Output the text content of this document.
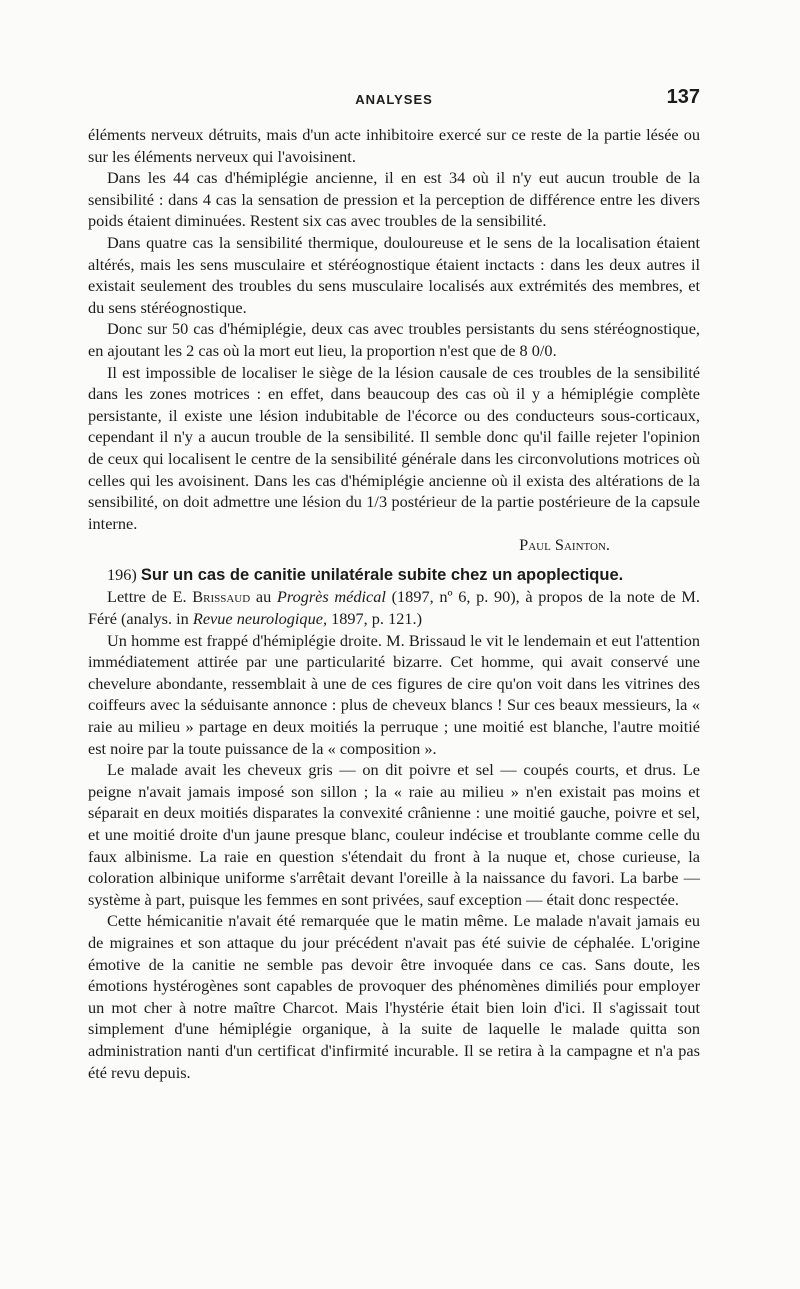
ANALYSES	137

éléments nerveux détruits, mais d'un acte inhibitoire exercé sur ce reste de la partie lésée ou sur les éléments nerveux qui l'avoisinent.

Dans les 44 cas d'hémiplégie ancienne, il en est 34 où il n'y eut aucun trouble de la sensibilité : dans 4 cas la sensation de pression et la perception de différence entre les divers poids étaient diminuées. Restent six cas avec troubles de la sensibilité.

Dans quatre cas la sensibilité thermique, douloureuse et le sens de la localisation étaient altérés, mais les sens musculaire et stéréognostique étaient inctacts : dans les deux autres il existait seulement des troubles du sens musculaire localisés aux extrémités des membres, et du sens stéréognostique.

Donc sur 50 cas d'hémiplégie, deux cas avec troubles persistants du sens stéréognostique, en ajoutant les 2 cas où la mort eut lieu, la proportion n'est que de 8 0/0.

Il est impossible de localiser le siège de la lésion causale de ces troubles de la sensibilité dans les zones motrices : en effet, dans beaucoup des cas où il y a hémiplégie complète persistante, il existe une lésion indubitable de l'écorce ou des conducteurs sous-corticaux, cependant il n'y a aucun trouble de la sensibilité. Il semble donc qu'il faille rejeter l'opinion de ceux qui localisent le centre de la sensibilité générale dans les circonvolutions motrices où celles qui les avoisinent. Dans les cas d'hémiplégie ancienne où il exista des altérations de la sensibilité, on doit admettre une lésion du 1/3 postérieur de la partie postérieure de la capsule interne.

Paul Sainton.

196) Sur un cas de canitie unilatérale subite chez un apoplectique.

Lettre de E. Brissaud au Progrès médical (1897, nº 6, p. 90), à propos de la note de M. Féré (analys. in Revue neurologique, 1897, p. 121.)

Un homme est frappé d'hémiplégie droite. M. Brissaud le vit le lendemain et eut l'attention immédiatement attirée par une particularité bizarre. Cet homme, qui avait conservé une chevelure abondante, ressemblait à une de ces figures de cire qu'on voit dans les vitrines des coiffeurs avec la séduisante annonce : plus de cheveux blancs ! Sur ces beaux messieurs, la « raie au milieu » partage en deux moitiés la perruque ; une moitié est blanche, l'autre moitié est noire par la toute puissance de la « composition ».

Le malade avait les cheveux gris — on dit poivre et sel — coupés courts, et drus. Le peigne n'avait jamais imposé son sillon ; la « raie au milieu » n'en existait pas moins et séparait en deux moitiés disparates la convexité crânienne : une moitié gauche, poivre et sel, et une moitié droite d'un jaune presque blanc, couleur indécise et troublante comme celle du faux albinisme. La raie en question s'étendait du front à la nuque et, chose curieuse, la coloration albinique uniforme s'arrêtait devant l'oreille à la naissance du favori. La barbe — système à part, puisque les femmes en sont privées, sauf exception — était donc respectée.

Cette hémicanitie n'avait été remarquée que le matin même. Le malade n'avait jamais eu de migraines et son attaque du jour précédent n'avait pas été suivie de céphalée. L'origine émotive de la canitie ne semble pas devoir être invoquée dans ce cas. Sans doute, les émotions hystérogènes sont capables de provoquer des phénomènes dimiliés pour employer un mot cher à notre maître Charcot. Mais l'hystérie était bien loin d'ici. Il s'agissait tout simplement d'une hémiplégie organique, à la suite de laquelle le malade quitta son administration nanti d'un certificat d'infirmité incurable. Il se retira à la campagne et n'a pas été revu depuis.
